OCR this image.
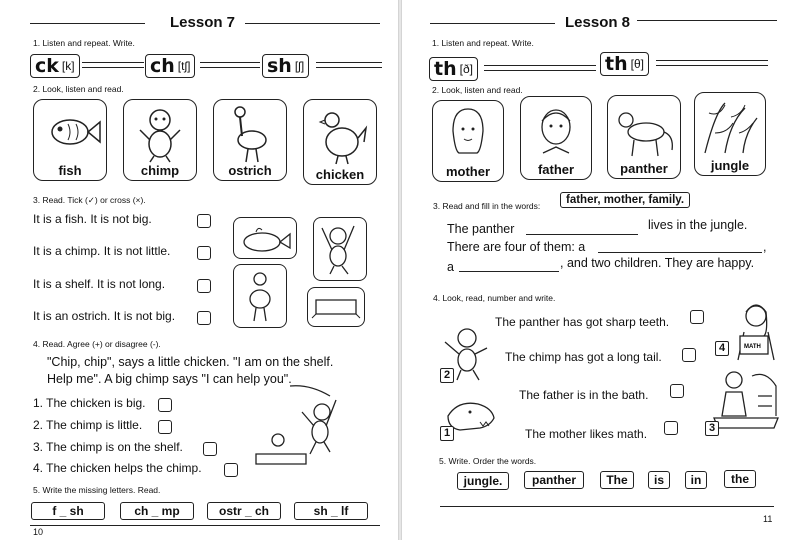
Lesson 7
1. Listen and repeat. Write.
ck [k]	ch [tʃ]	sh [ʃ]
2. Look, listen and read.
fish	chimp	ostrich	chicken
3. Read. Tick (✓) or cross (×).
It is a fish. It is not big.
It is a chimp. It is not little.
It is a shelf. It is not long.
It is an ostrich. It is not big.
4. Read. Agree (+) or disagree (-).
"Chip, chip", says a little chicken. "I am on the shelf.
Help me". A big chimp says "I can help you".
1. The chicken is big.
2. The chimp is little.
3. The chimp is on the shelf.
4. The chicken helps the chimp.
5. Write the missing letters. Read.
f _ sh	ch _ mp	ostr _ ch	sh _ lf
10
Lesson 8
1. Listen and repeat. Write.
th [ð]	th [θ]
2. Look, listen and read.
mother	father	panther	jungle
3. Read and fill in the words:	father, mother, family.
The panther	lives in the jungle.
There are four of them: a	,
a	, and two children. They are happy.
4. Look, read, number and write.
The panther has got sharp teeth.
The chimp has got a long tail.
The father is in the bath.
The mother likes math.
2
1
MATH
4
3
5. Write. Order the words.
jungle.	panther	The	is	in	the
11
